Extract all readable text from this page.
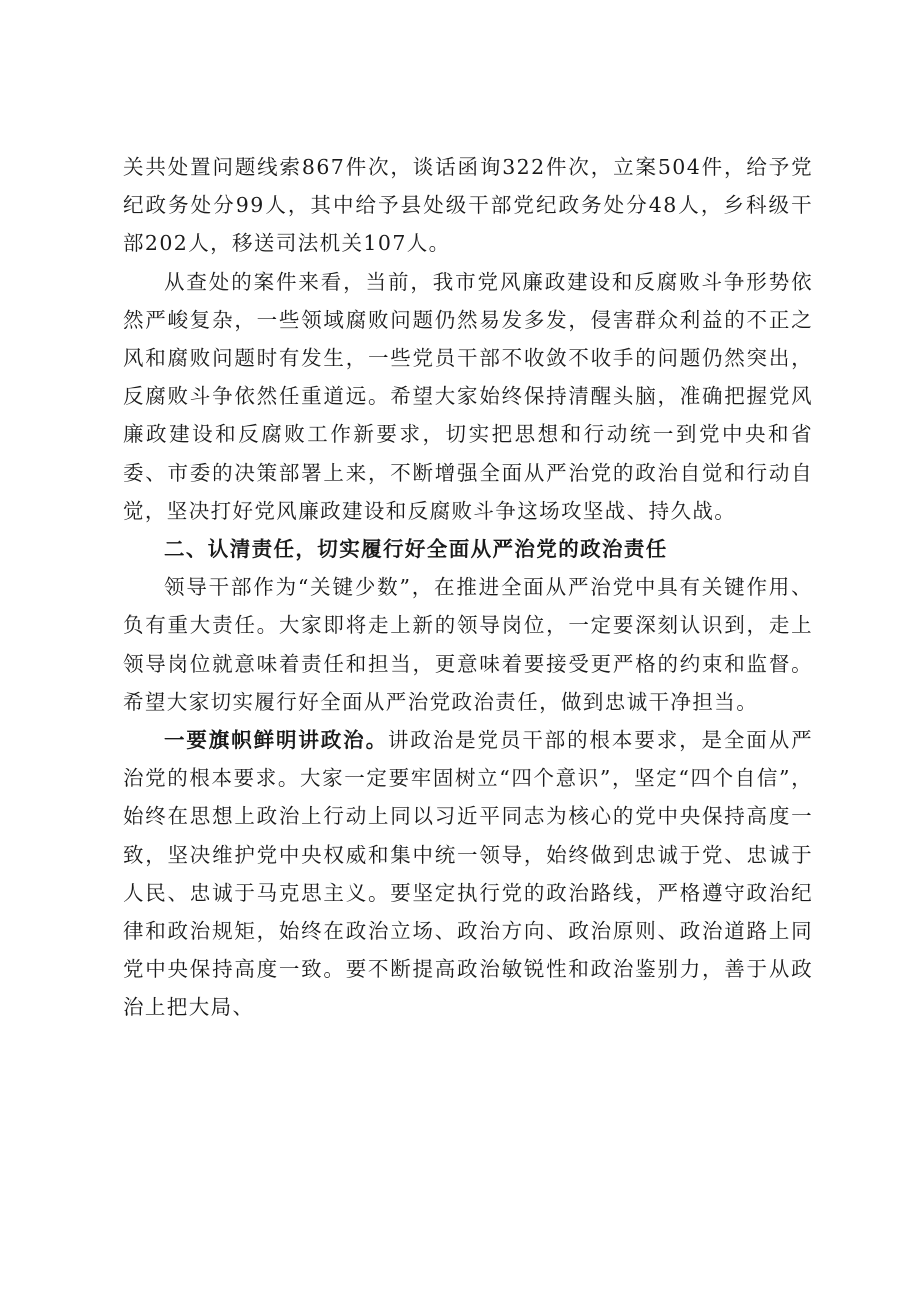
关共处置问题线索867件次，谈话函询322件次，立案504件，给予党纪政务处分99人，其中给予县处级干部党纪政务处分48人，乡科级干部202人，移送司法机关107人。

从查处的案件来看，当前，我市党风廉政建设和反腐败斗争形势依然严峻复杂，一些领域腐败问题仍然易发多发，侵害群众利益的不正之风和腐败问题时有发生，一些党员干部不收敛不收手的问题仍然突出，反腐败斗争依然任重道远。希望大家始终保持清醒头脑，准确把握党风廉政建设和反腐败工作新要求，切实把思想和行动统一到党中央和省委、市委的决策部署上来，不断增强全面从严治党的政治自觉和行动自觉，坚决打好党风廉政建设和反腐败斗争这场攻坚战、持久战。

二、认清责任，切实履行好全面从严治党的政治责任

领导干部作为“关键少数”，在推进全面从严治党中具有关键作用、负有重大责任。大家即将走上新的领导岗位，一定要深刻认识到，走上领导岗位就意味着责任和担当，更意味着要接受更严格的约束和监督。希望大家切实履行好全面从严治党政治责任，做到忠诚干净担当。

一要旗帜鲜明讲政治。讲政治是党员干部的根本要求，是全面从严治党的根本要求。大家一定要牢固树立“四个意识”，坚定“四个自信”，始终在思想上政治上行动上同以习近平同志为核心的党中央保持高度一致，坚决维护党中央权威和集中统一领导，始终做到忠诚于党、忠诚于人民、忠诚于马克思主义。要坚定执行党的政治路线，严格遵守政治纪律和政治规矩，始终在政治立场、政治方向、政治原则、政治道路上同党中央保持高度一致。要不断提高政治敏锐性和政治鉴别力，善于从政治上把大局、
